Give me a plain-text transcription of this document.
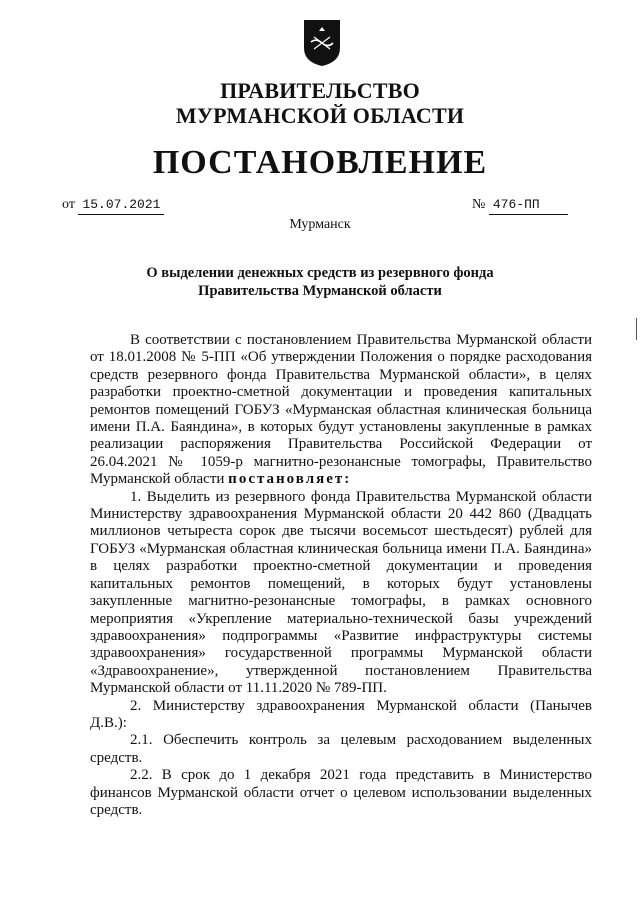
ПРАВИТЕЛЬСТВО
МУРМАНСКОЙ ОБЛАСТИ
ПОСТАНОВЛЕНИЕ
от 15.07.2021	№ 476-ПП
Мурманск
О выделении денежных средств из резервного фонда
Правительства Мурманской области

В соответствии с постановлением Правительства Мурманской области от 18.01.2008 № 5-ПП «Об утверждении Положения о порядке расходования средств резервного фонда Правительства Мурманской области», в целях разработки проектно-сметной документации и проведения капитальных ремонтов помещений ГОБУЗ «Мурманская областная клиническая больница имени П.А. Баяндина», в которых будут установлены закупленные в рамках реализации распоряжения Правительства Российской Федерации от 26.04.2021 № 1059-р магнитно-резонансные томографы, Правительство Мурманской области постановляет:

1. Выделить из резервного фонда Правительства Мурманской области Министерству здравоохранения Мурманской области 20 442 860 (Двадцать миллионов четыреста сорок две тысячи восемьсот шестьдесят) рублей для ГОБУЗ «Мурманская областная клиническая больница имени П.А. Баяндина» в целях разработки проектно-сметной документации и проведения капитальных ремонтов помещений, в которых будут установлены закупленные магнитно-резонансные томографы, в рамках основного мероприятия «Укрепление материально-технической базы учреждений здравоохранения» подпрограммы «Развитие инфраструктуры системы здравоохранения» государственной программы Мурманской области «Здравоохранение», утвержденной постановлением Правительства Мурманской области от 11.11.2020 № 789-ПП.

2. Министерству здравоохранения Мурманской области (Панычев Д.В.):

2.1. Обеспечить контроль за целевым расходованием выделенных средств.

2.2. В срок до 1 декабря 2021 года представить в Министерство финансов Мурманской области отчет о целевом использовании выделенных средств.
